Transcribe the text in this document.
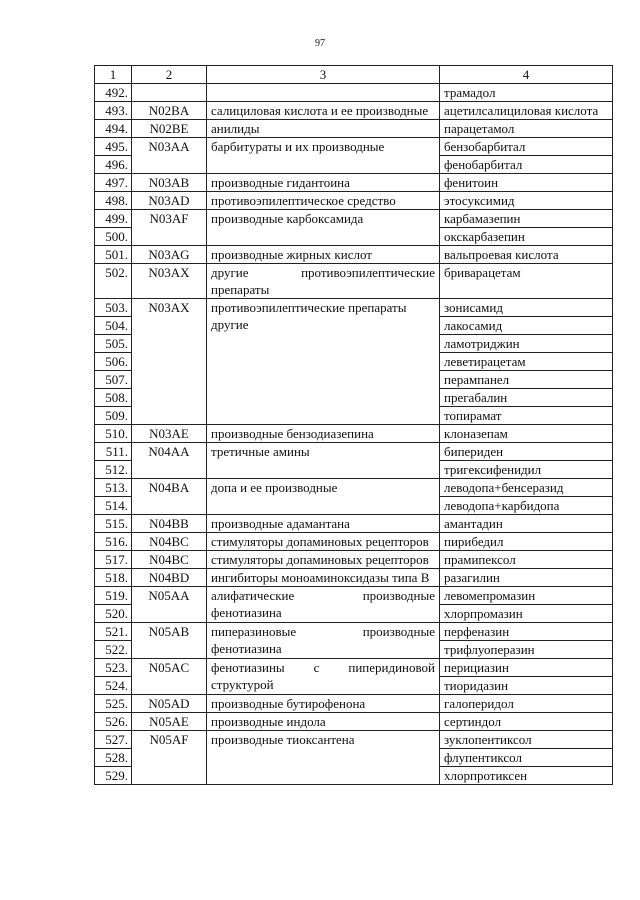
97
1	2	3	4
492.			трамадол
493.	N02BA	салициловая кислота и ее производные	ацетилсалициловая кислота
494.	N02BE	анилиды	парацетамол
495.	N03AA	барбитураты и их производные	бензобарбитал
496.			фенобарбитал
497.	N03AB	производные гидантоина	фенитоин
498.	N03AD	противоэпилептическое средство	этосуксимид
499.	N03AF	производные карбоксамида	карбамазепин
500.			окскарбазепин
501.	N03AG	производные жирных кислот	вальпроевая кислота
502.	N03AX	другие противоэпилептические препараты	бриварацетам
503.	N03AX	противоэпилептические препараты другие	зонисамид
504.			лакосамид
505.			ламотриджин
506.			леветирацетам
507.			перампанел
508.			прегабалин
509.			топирамат
510.	N03AE	производные бензодиазепина	клоназепам
511.	N04AA	третичные амины	бипериден
512.			тригексифенидил
513.	N04BA	допа и ее производные	леводопа+бенсеразид
514.			леводопа+карбидопа
515.	N04BB	производные адамантана	амантадин
516.	N04BC	стимуляторы допаминовых рецепторов	пирибедил
517.	N04BC	стимуляторы допаминовых рецепторов	прамипексол
518.	N04BD	ингибиторы моноаминоксидазы типа B	разагилин
519.	N05AA	алифатические производные фенотиазина	левомепромазин
520.			хлорпромазин
521.	N05AB	пиперазиновые производные фенотиазина	перфеназин
522.			трифлуоперазин
523.	N05AC	фенотиазины с пиперидиновой структурой	перициазин
524.			тиоридазин
525.	N05AD	производные бутирофенона	галоперидол
526.	N05AE	производные индола	сертиндол
527.	N05AF	производные тиоксантена	зуклопентиксол
528.			флупентиксол
529.			хлорпротиксен
